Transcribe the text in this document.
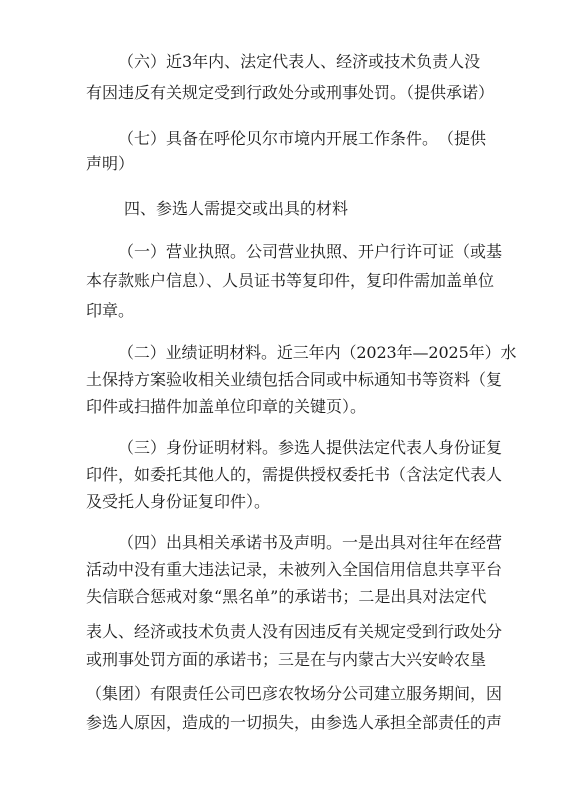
（六）近3年内、法定代表人、经济或技术负责人没
有因违反有关规定受到行政处分或刑事处罚。（提供承诺）
（七）具备在呼伦贝尔市境内开展工作条件。　（提供
声明）
四、参选人需提交或出具的材料
（一）营业执照。公司营业执照、开户行许可证（或基
本存款账户信息）、人员证书等复印件，复印件需加盖单位
印章。
（二）业绩证明材料。近三年内（2023年—2025年）水
土保持方案验收相关业绩包括合同或中标通知书等资料（复
印件或扫描件加盖单位印章的关键页）。
（三）身份证明材料。参选人提供法定代表人身份证复
印件，如委托其他人的，需提供授权委托书（含法定代表人
及受托人身份证复印件）。
（四）出具相关承诺书及声明。一是出具对往年在经营
活动中没有重大违法记录，未被列入全国信用信息共享平台
失信联合惩戒对象“黑名单”的承诺书；二是出具对法定代
表人、经济或技术负责人没有因违反有关规定受到行政处分
或刑事处罚方面的承诺书；三是在与内蒙古大兴安岭农垦
（集团）有限责任公司巴彦农牧场分公司建立服务期间，因
参选人原因，造成的一切损失，由参选人承担全部责任的声
